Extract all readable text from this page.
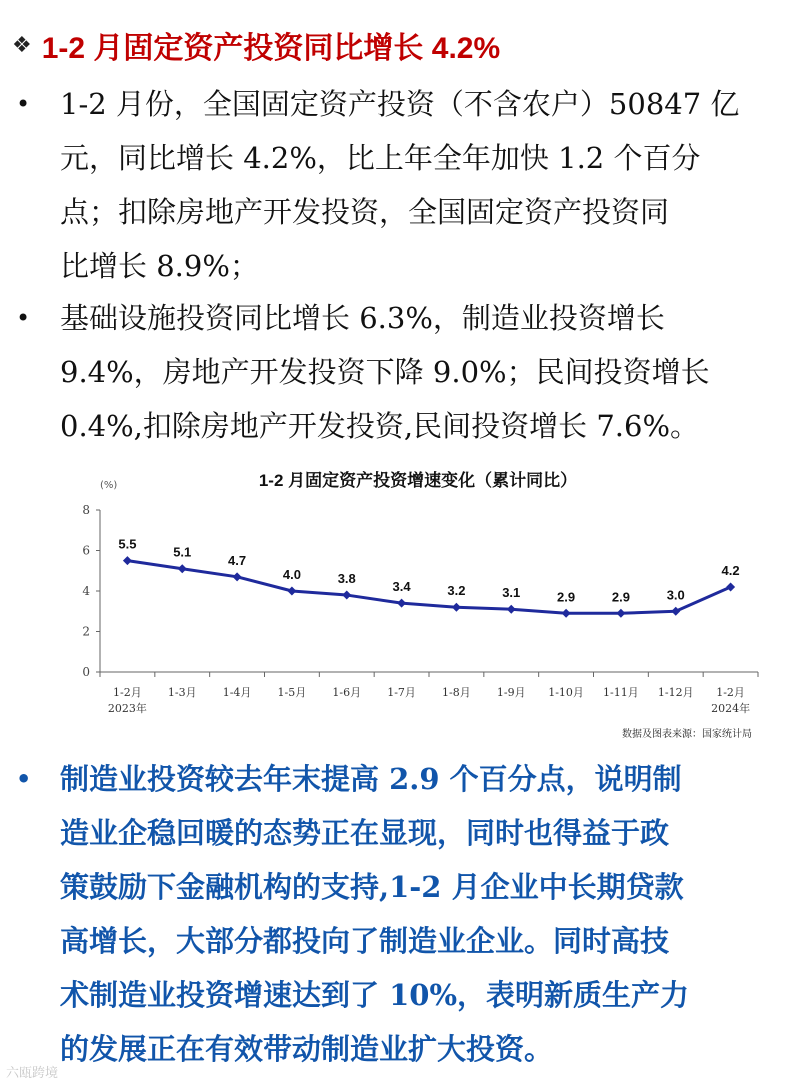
❖ 1-2 月固定资产投资同比增长 4.2%
• 1-2 月份，全国固定资产投资（不含农户）50847 亿
元，同比增长 4.2%，比上年全年加快 1.2 个百分
点；扣除房地产开发投资，全国固定资产投资同
比增长 8.9%；
• 基础设施投资同比增长 6.3%，制造业投资增长
9.4%，房地产开发投资下降 9.0%；民间投资增长
0.4%,扣除房地产开发投资,民间投资增长 7.6%。
1-2 月固定资产投资增速变化（累计同比）
(%)
0
2
4
6
8
1-2月
2023年
1-3月 1-4月 1-5月 1-6月 1-7月 1-8月 1-9月 1-10月 1-11月 1-12月 1-2月
2024年
5.5
5.1
4.7
4.0	3.8
3.4	3.2	3.1	2.9	2.9	3.0
4.2
数据及图表来源：国家统计局
• 制造业投资较去年末提高 2.9 个百分点，说明制
造业企稳回暖的态势正在显现，同时也得益于政
策鼓励下金融机构的支持,1-2 月企业中长期贷款
高增长，大部分都投向了制造业企业。同时高技
术制造业投资增速达到了 10%，表明新质生产力
的发展正在有效带动制造业扩大投资。
六瓯跨境
